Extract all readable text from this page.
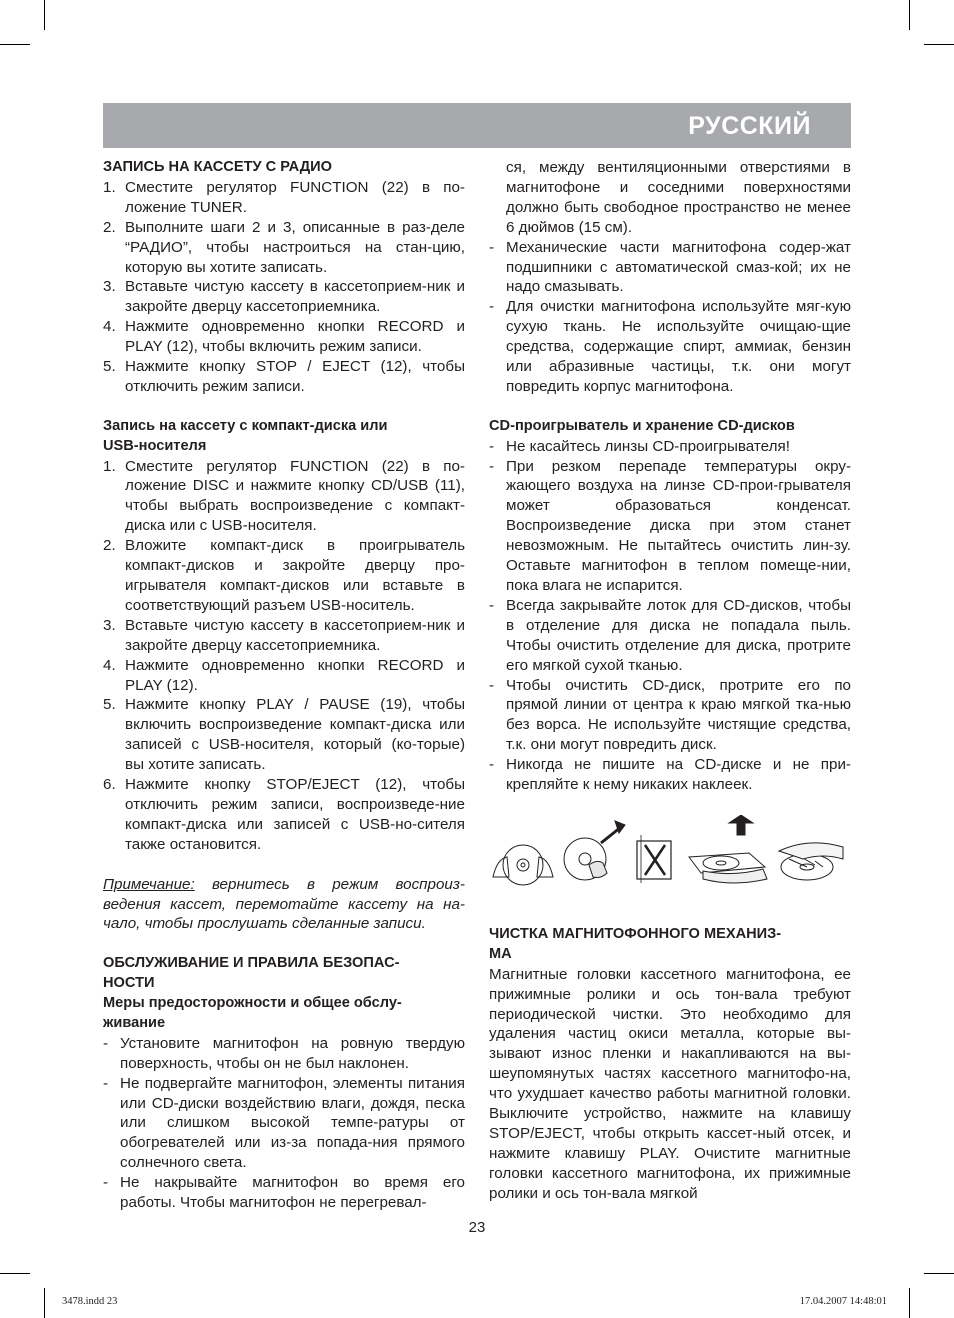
РУССКИЙ
ЗАПИСЬ НА КАССЕТУ С РАДИО
1. Сместите регулятор FUNCTION (22) в по-ложение TUNER.
2. Выполните шаги 2 и 3, описанные в раз-деле “РАДИО”, чтобы настроиться на стан-цию, которую вы хотите записать.
3. Вставьте чистую кассету в кассетоприем-ник и закройте дверцу кассетоприемника.
4. Нажмите одновременно кнопки RECORD и PLAY (12), чтобы включить режим записи.
5. Нажмите кнопку STOP / EJECT (12), чтобы отключить режим записи.
Запись на кассету с компакт-диска или
USB-носителя
1. Сместите регулятор FUNCTION (22) в по-ложение DISC и нажмите кнопку CD/USB (11), чтобы выбрать воспроизведение с компакт-диска или с USB-носителя.
2. Вложите компакт-диск в проигрыватель компакт-дисков и закройте дверцу про-игрывателя компакт-дисков или вставьте в соответствующий разъем USB-носитель.
3. Вставьте чистую кассету в кассетоприем-ник и закройте дверцу кассетоприемника.
4. Нажмите одновременно кнопки RECORD и PLAY (12).
5. Нажмите кнопку PLAY / PAUSE (19), чтобы включить воспроизведение компакт-диска или записей с USB-носителя, который (ко-торые) вы хотите записать.
6. Нажмите кнопку STOP/EJECT (12), чтобы отключить режим записи, воспроизведе-ние компакт-диска или записей с USB-но-сителя также остановится.
Примечание: вернитесь в режим воспроиз-ведения кассет, перемотайте кассету на на-чало, чтобы прослушать сделанные записи.
ОБСЛУЖИВАНИЕ И ПРАВИЛА БЕЗОПАС-
НОСТИ
Меры предосторожности и общее обслу-
живание
- Установите магнитофон на ровную твердую поверхность, чтобы он не был наклонен.
- Не подвергайте магнитофон, элементы питания или CD-диски воздействию влаги, дождя, песка или слишком высокой темпе-ратуры от обогревателей или из-за попада-ния прямого солнечного света.
- Не накрывайте магнитофон во время его работы. Чтобы магнитофон не перегревал-
ся, между вентиляционными отверстиями в магнитофоне и соседними поверхностями должно быть свободное пространство не менее 6 дюймов (15 см).
- Механические части магнитофона содер-жат подшипники с автоматической смаз-кой; их не надо смазывать.
- Для очистки магнитофона используйте мяг-кую сухую ткань. Не используйте очищаю-щие средства, содержащие спирт, аммиак, бензин или абразивные частицы, т.к. они могут повредить корпус магнитофона.
CD-проигрыватель и хранение CD-дисков
- Не касайтесь линзы CD-проигрывателя!
- При резком перепаде температуры окру-жающего воздуха на линзе CD-прои-грывателя может образоваться конденсат. Воспроизведение диска при этом станет невозможным. Не пытайтесь очистить лин-зу. Оставьте магнитофон в теплом помеще-нии, пока влага не испарится.
- Всегда закрывайте лоток для CD-дисков, чтобы в отделение для диска не попадала пыль. Чтобы очистить отделение для диска, протрите его мягкой сухой тканью.
- Чтобы очистить CD-диск, протрите его по прямой линии от центра к краю мягкой тка-нью без ворса. Не используйте чистящие средства, т.к. они могут повредить диск.
- Никогда не пишите на CD-диске и не при-крепляйте к нему никаких наклеек.
ЧИСТКА МАГНИТОФОННОГО МЕХАНИЗ-
МА
Магнитные головки кассетного магнитофона, ее прижимные ролики и ось тон-вала требуют периодической чистки. Это необходимо для удаления частиц окиси металла, которые вы-зывают износ пленки и накапливаются на вы-шеупомянутых частях кассетного магнитофо-на, что ухудшает качество работы магнитной головки. Выключите устройство, нажмите на клавишу STOP/EJECT, чтобы открыть кассет-ный отсек, и нажмите клавишу PLAY. Очистите магнитные головки кассетного магнитофона, их прижимные ролики и ось тон-вала мягкой
23
3478.indd 23	17.04.2007 14:48:01
